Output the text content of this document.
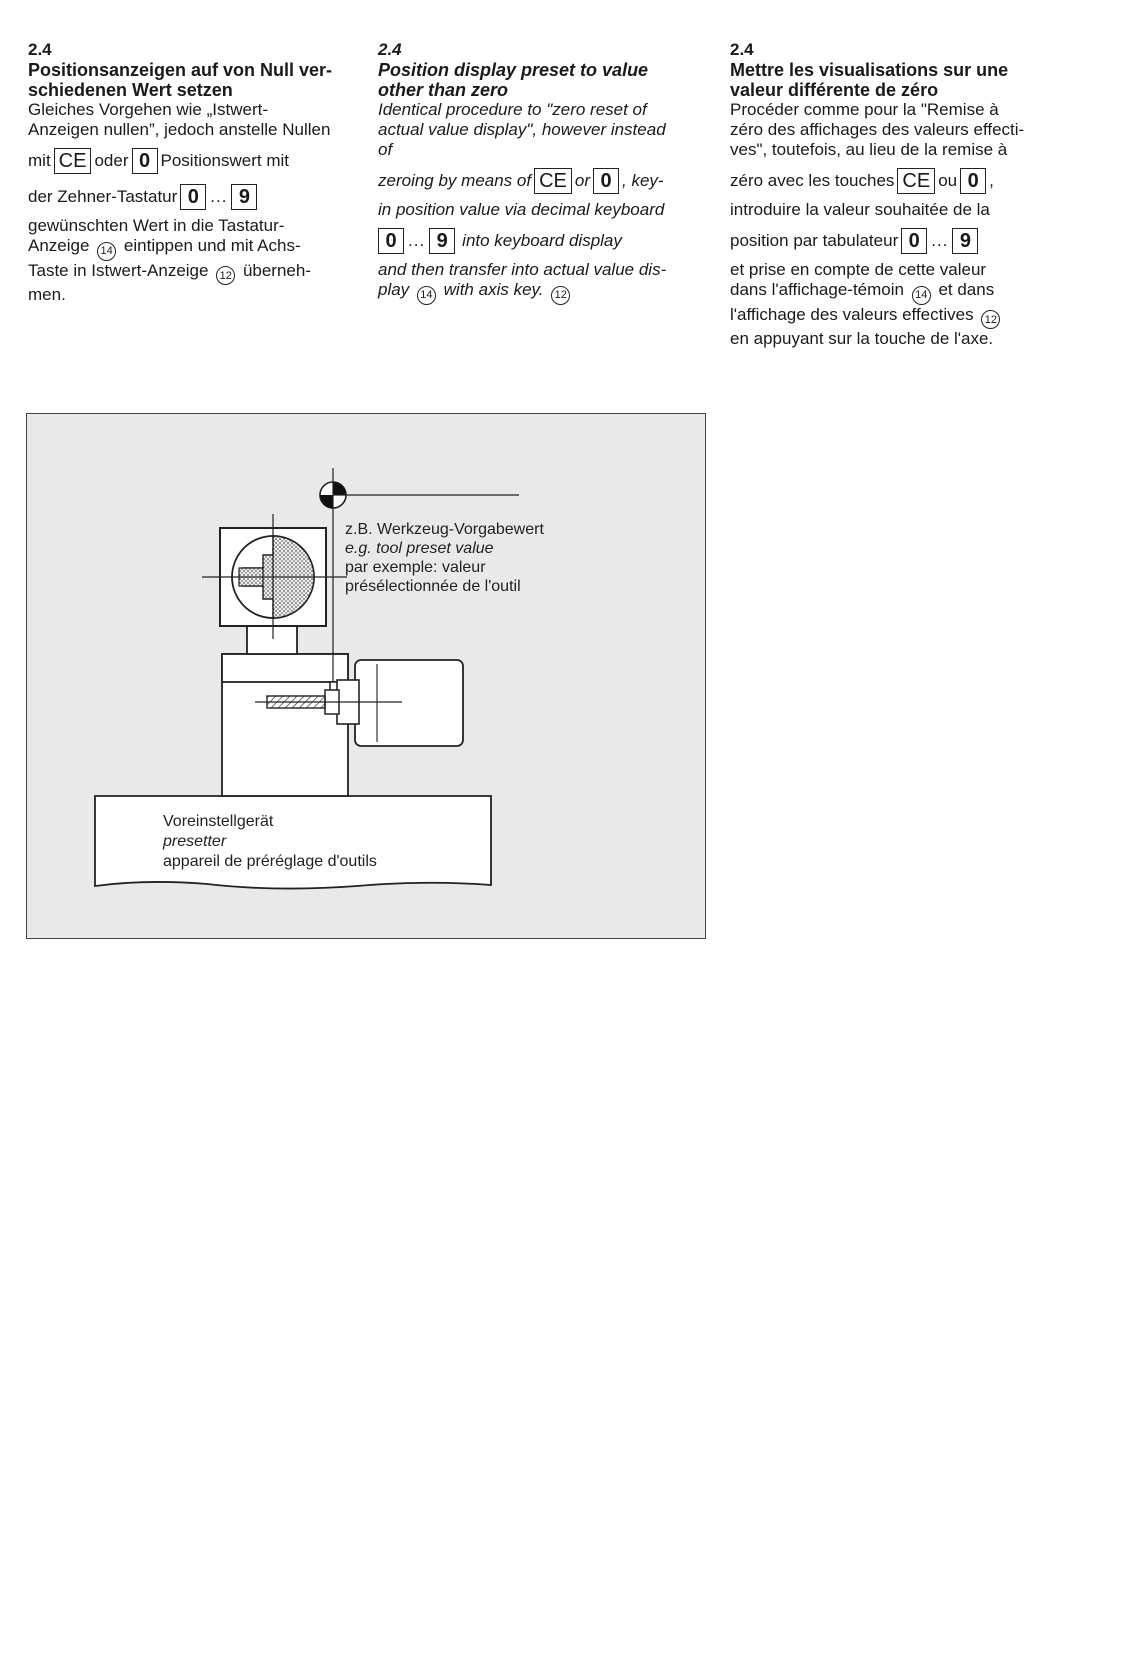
2.4
Positionsanzeigen auf von Null ver-
schiedenen Wert setzen
Gleiches Vorgehen wie „Istwert-
Anzeigen nullen”, jedoch anstelle Nullen
mit CE oder 0 Positionswert mit
der Zehner-Tastatur 0 ... 9
gewünschten Wert in die Tastatur-
Anzeige 14 eintippen und mit Achs-
Taste in Istwert-Anzeige 12 überneh-
men.
2.4
Position display preset to value
other than zero
Identical procedure to "zero reset of
actual value display", however instead
of
zeroing by means of CE or 0 , key-
in position value via decimal keyboard
0 ... 9 into keyboard display
and then transfer into actual value dis-
play 14 with axis key. 12
2.4
Mettre les visualisations sur une
valeur différente de zéro
Procéder comme pour la "Remise à
zéro des affichages des valeurs effecti-
ves", toutefois, au lieu de la remise à
zéro avec les touches CE ou 0 ,
introduire la valeur souhaitée de la
position par tabulateur 0 ... 9
et prise en compte de cette valeur
dans l'affichage-témoin 14 et dans
l'affichage des valeurs effectives 12
en appuyant sur la touche de l'axe.
z.B. Werkzeug-Vorgabewert
e.g. tool preset value
par exemple: valeur
présélectionnée de l'outil
Voreinstellgerät
presetter
appareil de préréglage d'outils
